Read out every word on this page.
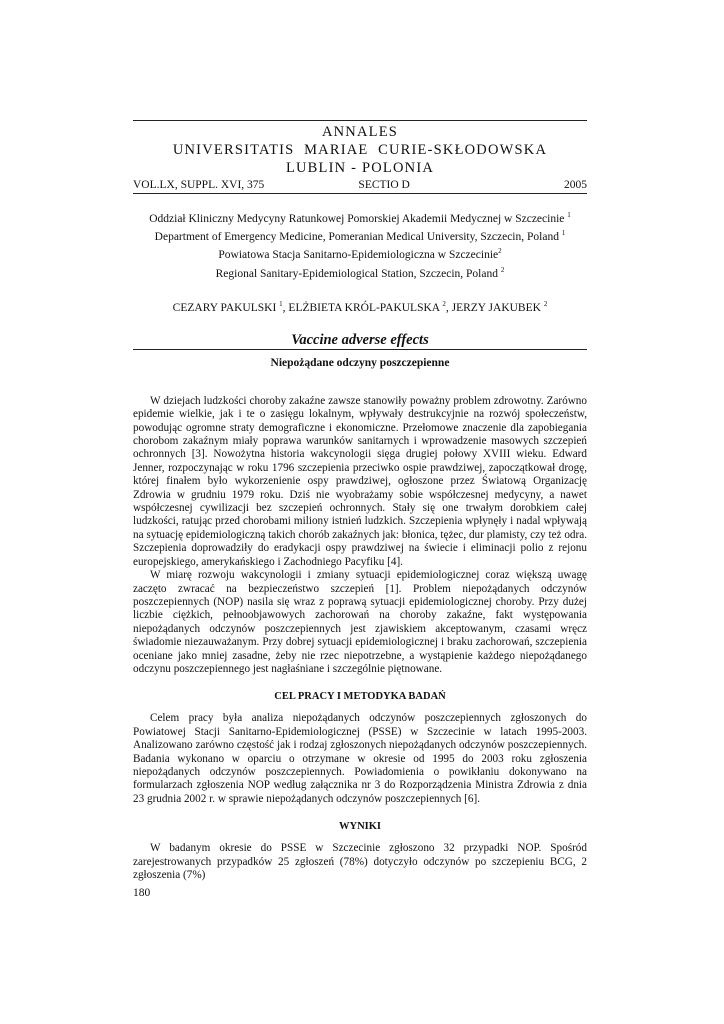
ANNALES
UNIVERSITATIS  MARIAE  CURIE-SKŁODOWSKA
LUBLIN - POLONIA
VOL.LX, SUPPL. XVI, 375	SECTIO D	2005
Oddział Kliniczny Medycyny Ratunkowej Pomorskiej Akademii Medycznej w Szczecinie $^1$
Department of Emergency Medicine, Pomeranian Medical University, Szczecin, Poland $^1$
Powiatowa Stacja Sanitarno-Epidemiologiczna w Szczecinie$^2$
Regional Sanitary-Epidemiological Station, Szczecin, Poland $^2$
CEZARY PAKULSKI $^1$, ELŻBIETA KRÓL-PAKULSKA $^2$, JERZY JAKUBEK $^2$
Vaccine adverse effects
Niepożądane odczyny poszczepienne

W dziejach ludzkości choroby zakaźne zawsze stanowiły poważny problem zdrowotny. Zarówno epidemie wielkie, jak i te o zasięgu lokalnym, wpływały destrukcyjnie na rozwój społeczeństw, powodując ogromne straty demograficzne i ekonomiczne. Przełomowe znaczenie dla zapobiegania chorobom zakaźnym miały poprawa warunków sanitarnych i wprowadzenie masowych szczepień ochronnych [3]. Nowożytna historia wakcynologii sięga drugiej połowy XVIII wieku. Edward Jenner, rozpoczynając w roku 1796 szczepienia przeciwko ospie prawdziwej, zapoczątkował drogę, której finałem było wykorzenienie ospy prawdziwej, ogłoszone przez Światową Organizację Zdrowia w grudniu 1979 roku. Dziś nie wyobrażamy sobie współczesnej medycyny, a nawet współczesnej cywilizacji bez szczepień ochronnych. Stały się one trwałym dorobkiem całej ludzkości, ratując przed chorobami miliony istnień ludzkich. Szczepienia wpłynęły i nadal wpływają na sytuację epidemiologiczną takich chorób zakaźnych jak: błonica, tężec, dur plamisty, czy też odra. Szczepienia doprowadziły do eradykacji ospy prawdziwej na świecie i eliminacji polio z rejonu europejskiego, amerykańskiego i Zachodniego Pacyfiku [4].

W miarę rozwoju wakcynologii i zmiany sytuacji epidemiologicznej coraz większą uwagę zaczęto zwracać na bezpieczeństwo szczepień [1]. Problem niepożądanych odczynów poszczepiennych (NOP) nasila się wraz z poprawą sytuacji epidemiologicznej choroby. Przy dużej liczbie ciężkich, pełnoobjawowych zachorowań na choroby zakaźne, fakt występowania niepożądanych odczynów poszczepiennych jest zjawiskiem akceptowanym, czasami wręcz świadomie niezauważanym. Przy dobrej sytuacji epidemiologicznej i braku zachorowań, szczepienia oceniane jako mniej zasadne, żeby nie rzec niepotrzebne, a wystąpienie każdego niepożądanego odczynu poszczepiennego jest nagłaśniane i szczególnie piętnowane.

CEL PRACY I METODYKA BADAŃ

Celem pracy była analiza niepożądanych odczynów poszczepiennych zgłoszonych do Powiatowej Stacji Sanitarno-Epidemiologicznej (PSSE) w Szczecinie w latach 1995-2003. Analizowano zarówno częstość jak i rodzaj zgłoszonych niepożądanych odczynów poszczepiennych. Badania wykonano w oparciu o otrzymane w okresie od 1995 do 2003 roku zgłoszenia niepożądanych odczynów poszczepiennych. Powiadomienia o powikłaniu dokonywano na formularzach zgłoszenia NOP według załącznika nr 3 do Rozporządzenia Ministra Zdrowia z dnia 23 grudnia 2002 r. w sprawie niepożądanych odczynów poszczepiennych [6].

WYNIKI

W badanym okresie do PSSE w Szczecinie zgłoszono 32 przypadki NOP. Spośród zarejestrowanych przypadków 25 zgłoszeń (78%) dotyczyło odczynów po szczepieniu BCG, 2 zgłoszenia (7%)

180
